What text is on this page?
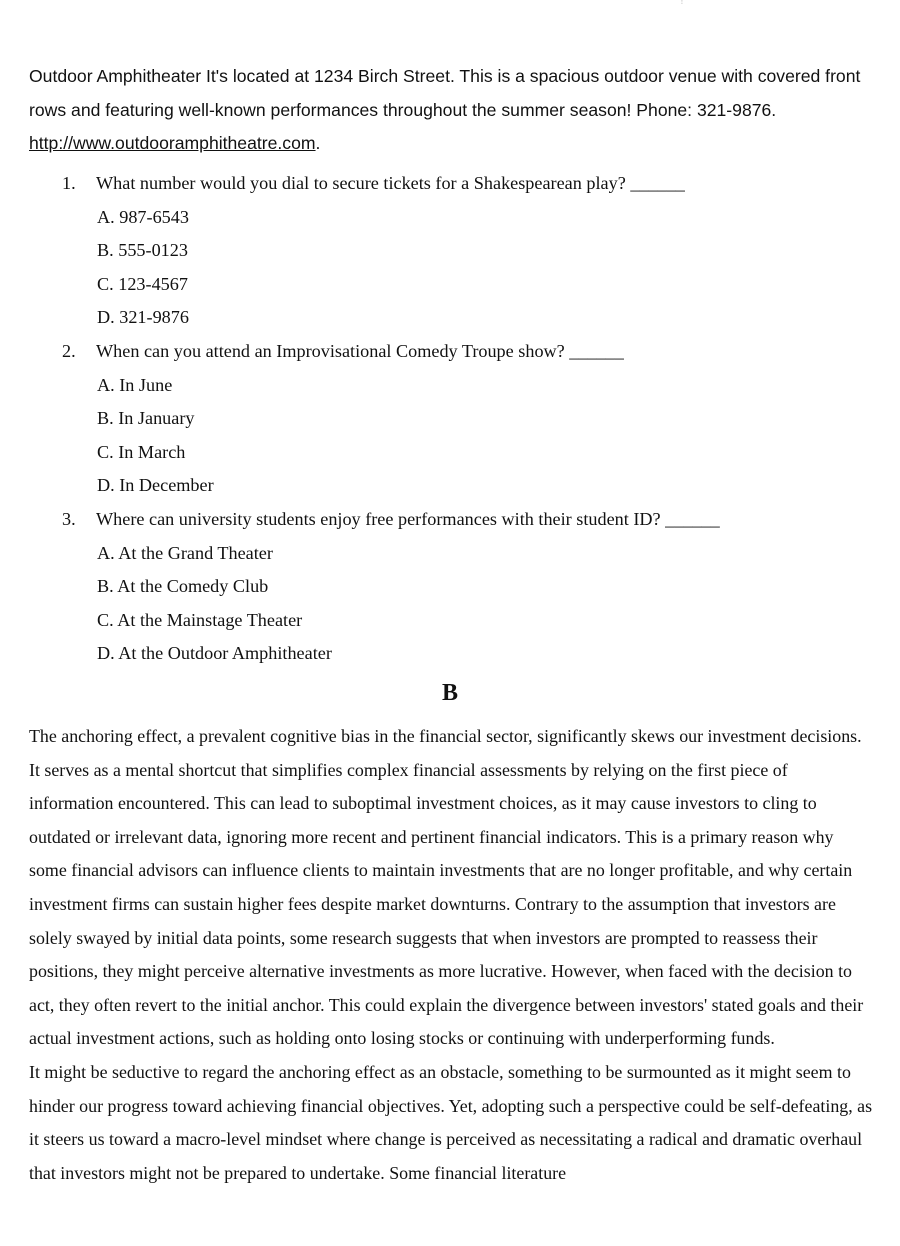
⁝

Outdoor Amphitheater It's located at 1234 Birch Street. This is a spacious outdoor venue with covered front rows and featuring well-known performances throughout the summer season! Phone: 321-9876. http://www.outdooramphitheatre.com.

1. What number would you dial to secure tickets for a Shakespearean play? ______
A. 987-6543
B. 555-0123
C. 123-4567
D. 321-9876
2. When can you attend an Improvisational Comedy Troupe show? ______
A. In June
B. In January
C. In March
D. In December
3. Where can university students enjoy free performances with their student ID? ______
A. At the Grand Theater
B. At the Comedy Club
C. At the Mainstage Theater
D. At the Outdoor Amphitheater
B

The anchoring effect, a prevalent cognitive bias in the financial sector, significantly skews our investment decisions. It serves as a mental shortcut that simplifies complex financial assessments by relying on the first piece of information encountered. This can lead to suboptimal investment choices, as it may cause investors to cling to outdated or irrelevant data, ignoring more recent and pertinent financial indicators. This is a primary reason why some financial advisors can influence clients to maintain investments that are no longer profitable, and why certain investment firms can sustain higher fees despite market downturns. Contrary to the assumption that investors are solely swayed by initial data points, some research suggests that when investors are prompted to reassess their positions, they might perceive alternative investments as more lucrative. However, when faced with the decision to act, they often revert to the initial anchor. This could explain the divergence between investors' stated goals and their actual investment actions, such as holding onto losing stocks or continuing with underperforming funds.

It might be seductive to regard the anchoring effect as an obstacle, something to be surmounted as it might seem to hinder our progress toward achieving financial objectives. Yet, adopting such a perspective could be self-defeating, as it steers us toward a macro-level mindset where change is perceived as necessitating a radical and dramatic overhaul that investors might not be prepared to undertake. Some financial literature
